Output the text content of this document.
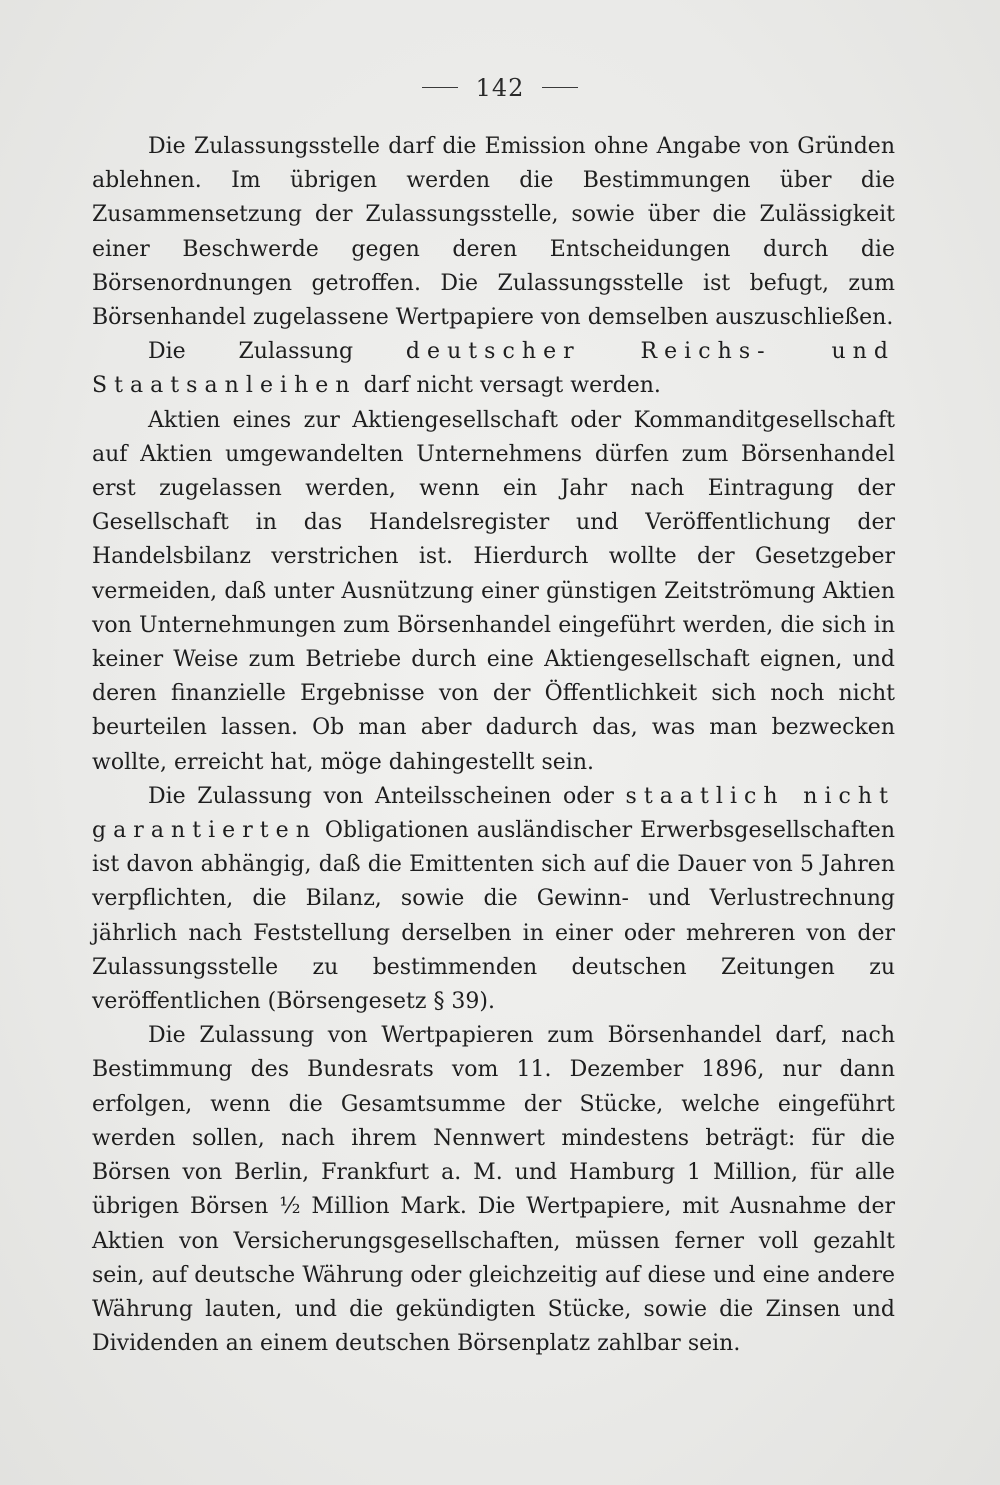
142

Die Zulassungsstelle darf die Emission ohne Angabe von Gründen ablehnen. Im übrigen werden die Bestimmungen über die Zusammensetzung der Zulassungsstelle, sowie über die Zulässigkeit einer Beschwerde gegen deren Entscheidungen durch die Börsenordnungen getroffen. Die Zulassungsstelle ist befugt, zum Börsenhandel zugelassene Wertpapiere von demselben auszuschließen.

Die Zulassung deutscher Reichs- und Staatsanleihen darf nicht versagt werden.

Aktien eines zur Aktiengesellschaft oder Kommanditgesellschaft auf Aktien umgewandelten Unternehmens dürfen zum Börsenhandel erst zugelassen werden, wenn ein Jahr nach Eintragung der Gesellschaft in das Handelsregister und Veröffentlichung der Handelsbilanz verstrichen ist. Hierdurch wollte der Gesetzgeber vermeiden, daß unter Ausnützung einer günstigen Zeitströmung Aktien von Unternehmungen zum Börsenhandel eingeführt werden, die sich in keiner Weise zum Betriebe durch eine Aktiengesellschaft eignen, und deren finanzielle Ergebnisse von der Öffentlichkeit sich noch nicht beurteilen lassen. Ob man aber dadurch das, was man bezwecken wollte, erreicht hat, möge dahingestellt sein.

Die Zulassung von Anteilsscheinen oder staatlich nicht garantierten Obligationen ausländischer Erwerbsgesellschaften ist davon abhängig, daß die Emittenten sich auf die Dauer von 5 Jahren verpflichten, die Bilanz, sowie die Gewinn- und Verlustrechnung jährlich nach Feststellung derselben in einer oder mehreren von der Zulassungsstelle zu bestimmenden deutschen Zeitungen zu veröffentlichen (Börsengesetz § 39).

Die Zulassung von Wertpapieren zum Börsenhandel darf, nach Bestimmung des Bundesrats vom 11. Dezember 1896, nur dann erfolgen, wenn die Gesamtsumme der Stücke, welche eingeführt werden sollen, nach ihrem Nennwert mindestens beträgt: für die Börsen von Berlin, Frankfurt a. M. und Hamburg 1 Million, für alle übrigen Börsen ½ Million Mark. Die Wertpapiere, mit Ausnahme der Aktien von Versicherungsgesellschaften, müssen ferner voll gezahlt sein, auf deutsche Währung oder gleichzeitig auf diese und eine andere Währung lauten, und die gekündigten Stücke, sowie die Zinsen und Dividenden an einem deutschen Börsenplatz zahlbar sein.
